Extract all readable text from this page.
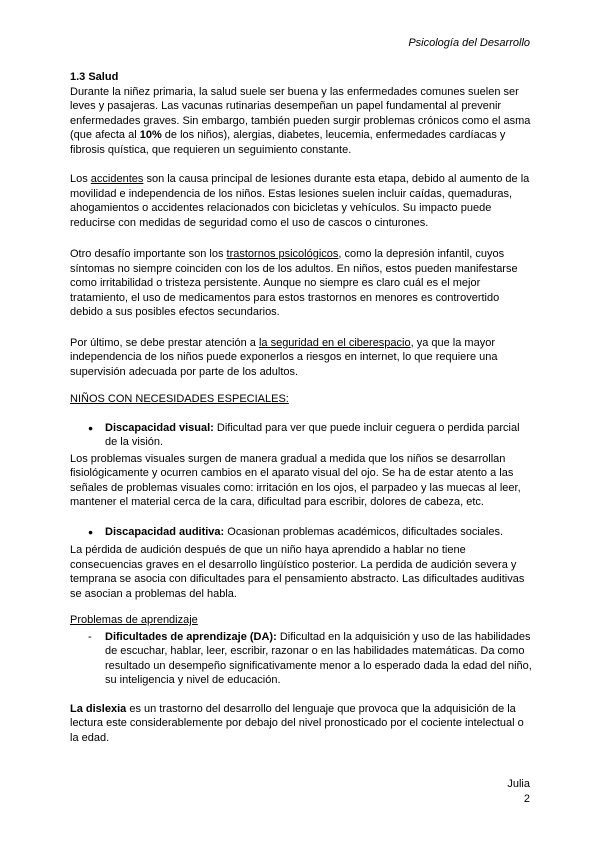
Psicología del Desarrollo

1.3 Salud

Durante la niñez primaria, la salud suele ser buena y las enfermedades comunes suelen ser leves y pasajeras. Las vacunas rutinarias desempeñan un papel fundamental al prevenir enfermedades graves. Sin embargo, también pueden surgir problemas crónicos como el asma (que afecta al 10% de los niños), alergias, diabetes, leucemia, enfermedades cardíacas y fibrosis quística, que requieren un seguimiento constante.

Los accidentes son la causa principal de lesiones durante esta etapa, debido al aumento de la movilidad e independencia de los niños. Estas lesiones suelen incluir caídas, quemaduras, ahogamientos o accidentes relacionados con bicicletas y vehículos. Su impacto puede reducirse con medidas de seguridad como el uso de cascos o cinturones.

Otro desafío importante son los trastornos psicológicos, como la depresión infantil, cuyos síntomas no siempre coinciden con los de los adultos. En niños, estos pueden manifestarse como irritabilidad o tristeza persistente. Aunque no siempre es claro cuál es el mejor tratamiento, el uso de medicamentos para estos trastornos en menores es controvertido debido a sus posibles efectos secundarios.

Por último, se debe prestar atención a la seguridad en el ciberespacio, ya que la mayor independencia de los niños puede exponerlos a riesgos en internet, lo que requiere una supervisión adecuada por parte de los adultos.

NIÑOS CON NECESIDADES ESPECIALES:

● Discapacidad visual: Dificultad para ver que puede incluir ceguera o perdida parcial de la visión.

Los problemas visuales surgen de manera gradual a medida que los niños se desarrollan fisiológicamente y ocurren cambios en el aparato visual del ojo. Se ha de estar atento a las señales de problemas visuales como: irritación en los ojos, el parpadeo y las muecas al leer, mantener el material cerca de la cara, dificultad para escribir, dolores de cabeza, etc.

● Discapacidad auditiva: Ocasionan problemas académicos, dificultades sociales.

La pérdida de audición después de que un niño haya aprendido a hablar no tiene consecuencias graves en el desarrollo lingüístico posterior. La perdida de audición severa y temprana se asocia con dificultades para el pensamiento abstracto. Las dificultades auditivas se asocian a problemas del habla.

Problemas de aprendizaje

- Dificultades de aprendizaje (DA): Dificultad en la adquisición y uso de las habilidades de escuchar, hablar, leer, escribir, razonar o en las habilidades matemáticas. Da como resultado un desempeño significativamente menor a lo esperado dada la edad del niño, su inteligencia y nivel de educación.

La dislexia es un trastorno del desarrollo del lenguaje que provoca que la adquisición de la lectura este considerablemente por debajo del nivel pronosticado por el cociente intelectual o la edad.

Julia
2
